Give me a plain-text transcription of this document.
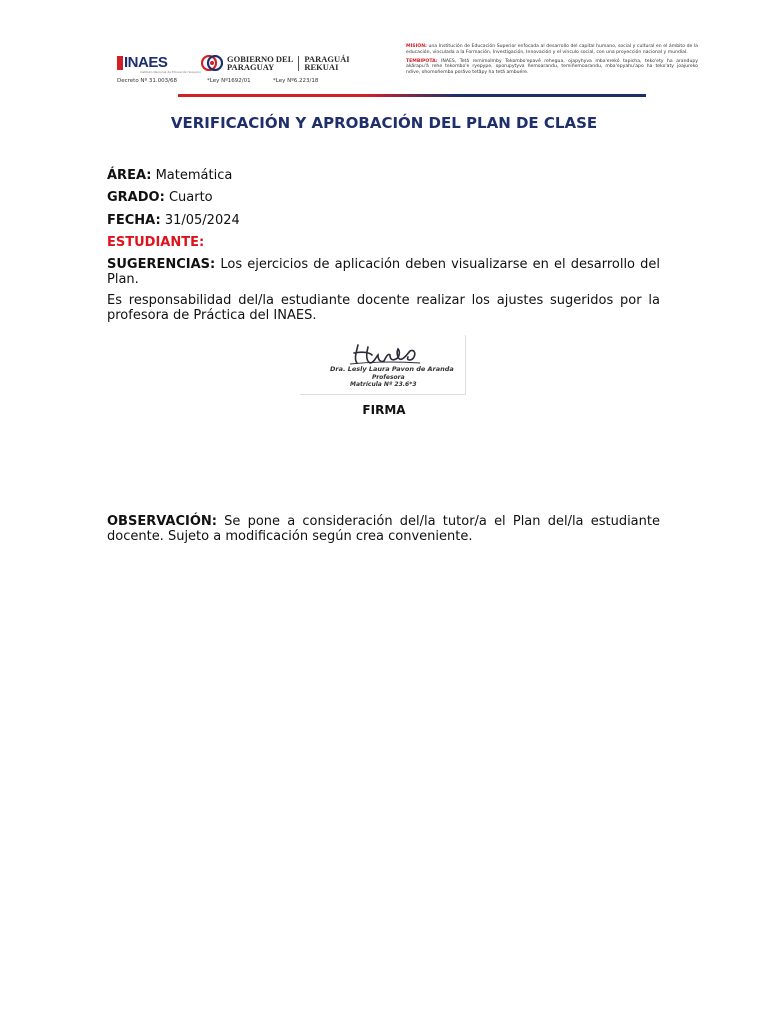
INAES
Instituto Nacional de Educación Superior
GOBIERNO DEL
PARAGUAY
PARAGUÁI
REKUAI
Decreto Nº 31.003/68	*Ley Nº1692/01	*Ley Nº6.223/18

MISIÓN: una Institución de Educación Superior enfocada al desarrollo del capital humano, social y cultural en el ámbito de la educación, vinculada a la Formación, Investigación, Innovación y el vínculo social, con una proyección nacional y mundial.

TEMBIPOTA: INAES, Tetã remimoĩmby Tekombo'epavê rehegua, ojapyhyva mba'erekó tapicha, teko'ety ha arandupy akãrapu'ã rehe tekombo'e ryepype, oporupytyva ñemoarandu, temiñemoarandu, mba'epyahu'apo ha teko'aty joajureko ndive, ohomoñemba porãvo tetãpy ha tetã ambuére.

VERIFICACIÓN Y APROBACIÓN DEL PLAN DE CLASE
ÁREA: Matemática
GRADO: Cuarto
FECHA: 31/05/2024
ESTUDIANTE:
SUGERENCIAS: Los ejercicios de aplicación deben visualizarse en el desarrollo del Plan.
Es responsabilidad del/la estudiante docente realizar los ajustes sugeridos por la profesora de Práctica del INAES.
Dra. Lesly Laura Pavon de Aranda
Profesora
Matrícula Nº 23.6*3
FIRMA
OBSERVACIÓN: Se pone a consideración del/la tutor/a el Plan del/la estudiante docente. Sujeto a modificación según crea conveniente.
